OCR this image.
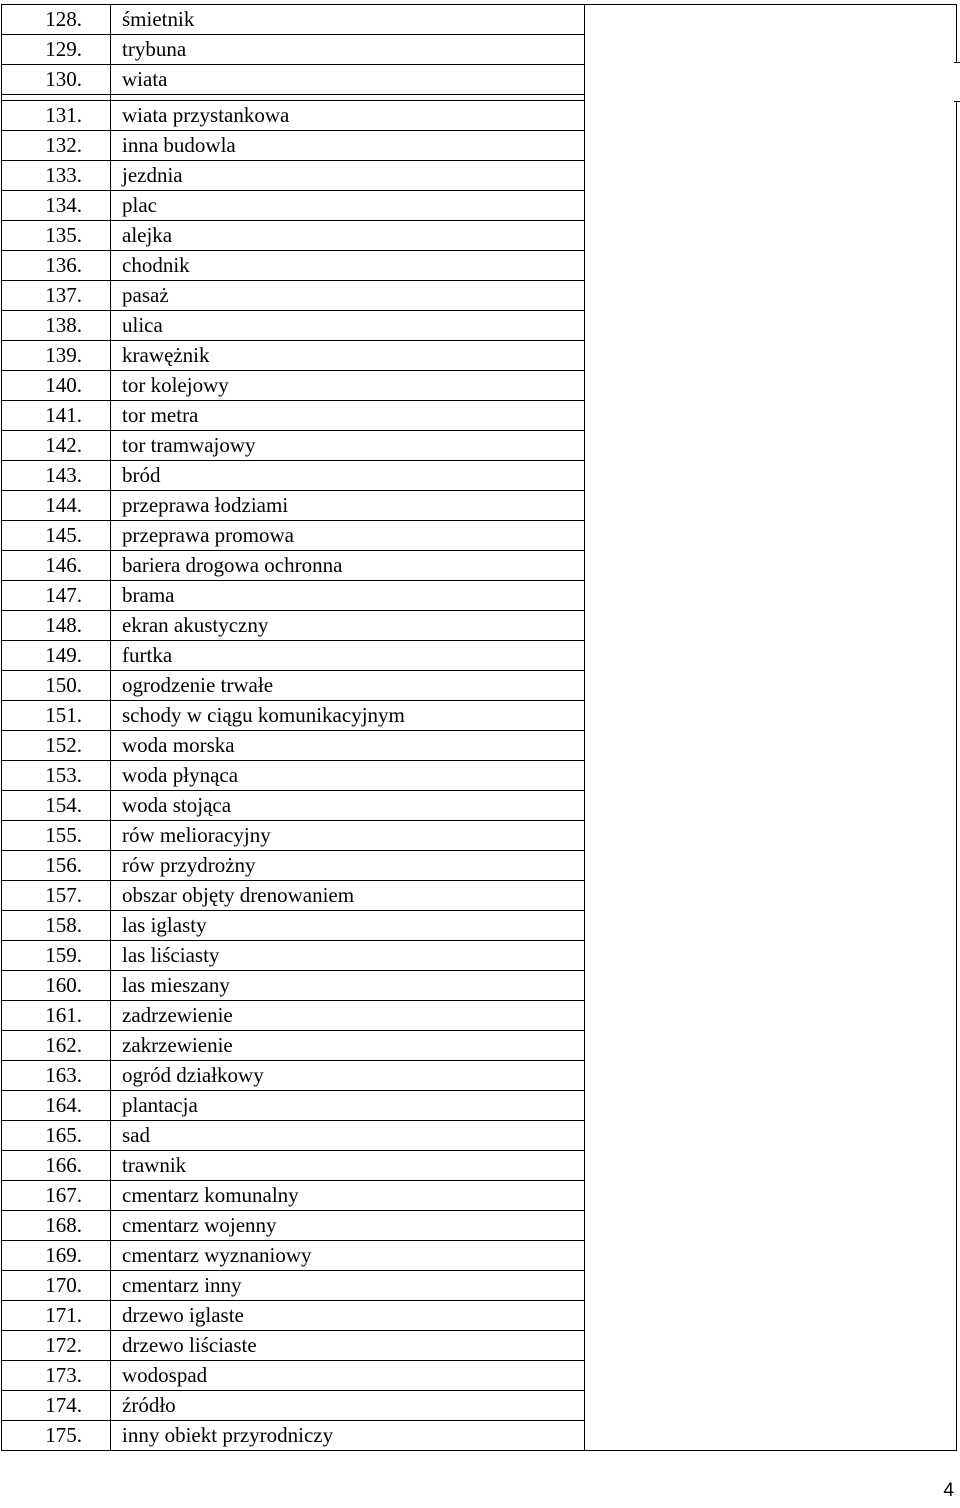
128.	śmietnik	
129.	trybuna	
130.	wiata	

131.	wiata przystankowa	
132.	inna budowla	
133.	jezdnia	
134.	plac	
135.	alejka	
136.	chodnik	
137.	pasaż	
138.	ulica	
139.	krawężnik	
140.	tor kolejowy	
141.	tor metra	
142.	tor tramwajowy	
143.	bród	
144.	przeprawa łodziami	
145.	przeprawa promowa	
146.	bariera drogowa ochronna	
147.	brama	
148.	ekran akustyczny	
149.	furtka	
150.	ogrodzenie trwałe	
151.	schody w ciągu komunikacyjnym	
152.	woda morska	
153.	woda płynąca	
154.	woda stojąca	
155.	rów melioracyjny	
156.	rów przydrożny	
157.	obszar objęty drenowaniem	
158.	las iglasty	
159.	las liściasty	
160.	las mieszany	
161.	zadrzewienie	
162.	zakrzewienie	
163.	ogród działkowy	
164.	plantacja	
165.	sad	
166.	trawnik	
167.	cmentarz komunalny	
168.	cmentarz wojenny	
169.	cmentarz wyznaniowy	
170.	cmentarz inny	
171.	drzewo iglaste	
172.	drzewo liściaste	
173.	wodospad	
174.	źródło	
175.	inny obiekt przyrodniczy	
4
